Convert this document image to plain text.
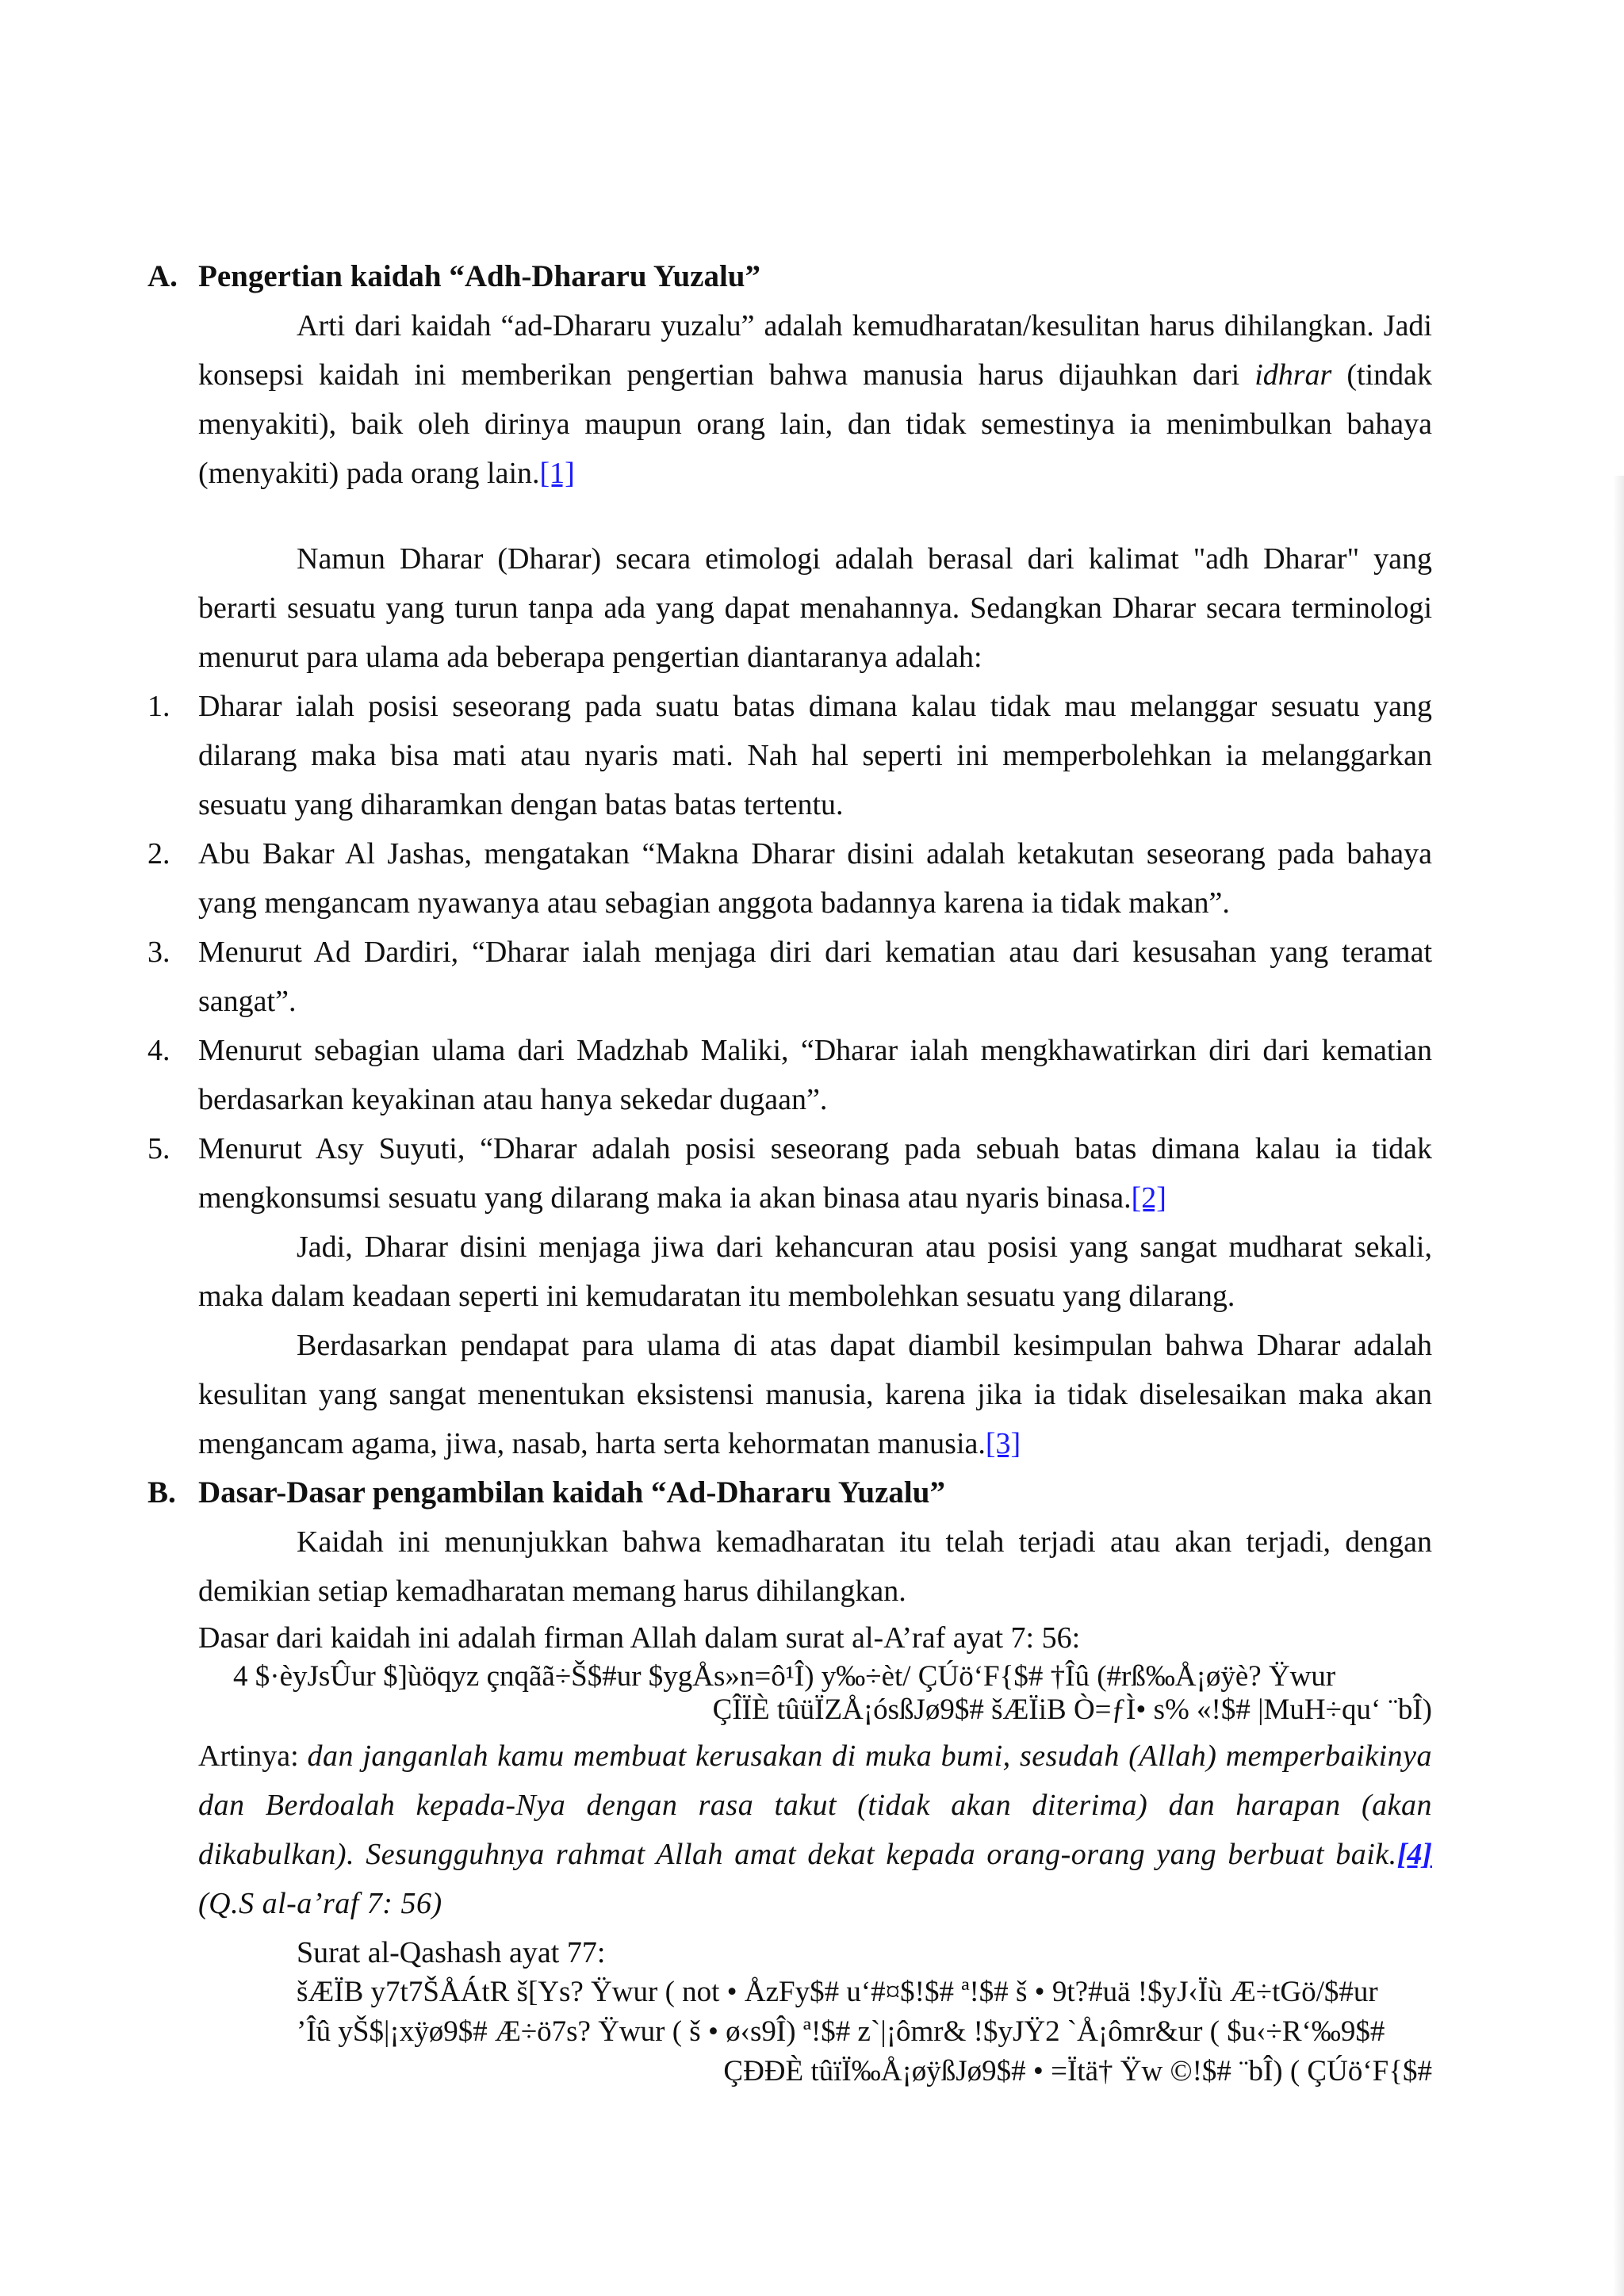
A. Pengertian kaidah “Adh-Dhararu Yuzalu”

Arti dari kaidah “ad-Dhararu yuzalu” adalah kemudharatan/kesulitan harus dihilangkan. Jadi konsepsi kaidah ini memberikan pengertian bahwa manusia harus dijauhkan dari idhrar (tindak menyakiti), baik oleh dirinya maupun orang lain, dan tidak semestinya ia menimbulkan bahaya (menyakiti) pada orang lain.[1]

Namun Dharar (Dharar) secara etimologi adalah berasal dari kalimat "adh Dharar" yang berarti sesuatu yang turun tanpa ada yang dapat menahannya. Sedangkan Dharar secara terminologi menurut para ulama ada beberapa pengertian diantaranya adalah:

1. Dharar ialah posisi seseorang pada suatu batas dimana kalau tidak mau melanggar sesuatu yang dilarang maka bisa mati atau nyaris mati. Nah hal seperti ini memperbolehkan ia melanggarkan sesuatu yang diharamkan dengan batas batas tertentu.
2. Abu Bakar Al Jashas, mengatakan “Makna Dharar disini adalah ketakutan seseorang pada bahaya yang mengancam nyawanya atau sebagian anggota badannya karena ia tidak makan”.
3. Menurut Ad Dardiri, “Dharar ialah menjaga diri dari kematian atau dari kesusahan yang teramat sangat”.
4. Menurut sebagian ulama dari Madzhab Maliki, “Dharar ialah mengkhawatirkan diri dari kematian berdasarkan keyakinan atau hanya sekedar dugaan”.
5. Menurut Asy Suyuti, “Dharar adalah posisi seseorang pada sebuah batas dimana kalau ia tidak mengkonsumsi sesuatu yang dilarang maka ia akan binasa atau nyaris binasa.[2]

Jadi, Dharar disini menjaga jiwa dari kehancuran atau posisi yang sangat mudharat sekali, maka dalam keadaan seperti ini kemudaratan itu membolehkan sesuatu yang dilarang.

Berdasarkan pendapat para ulama di atas dapat diambil kesimpulan bahwa Dharar adalah kesulitan yang sangat menentukan eksistensi manusia, karena jika ia tidak diselesaikan maka akan mengancam agama, jiwa, nasab, harta serta kehormatan manusia.[3]

B. Dasar-Dasar pengambilan kaidah “Ad-Dhararu Yuzalu”

Kaidah ini menunjukkan bahwa kemadharatan itu telah terjadi atau akan terjadi, dengan demikian setiap kemadharatan memang harus dihilangkan.

Dasar dari kaidah ini adalah firman Allah dalam surat al-A’raf ayat 7: 56:

4 $·èyJsÛur $]ùöqyz çnqãã÷Š$#ur $ygÅs»n=ô¹Î) y‰÷èt/ ÇÚö‘F{$# †Îû (#rß‰Å¡øÿè? Ÿwur
ÇÎÏÈ tûüÏZÅ¡ósßJø9$# šÆÏiB Ò=ƒÌ• s% «!$# |MuH÷qu‘ ¨bÎ)

Artinya: dan janganlah kamu membuat kerusakan di muka bumi, sesudah (Allah) memperbaikinya dan Berdoalah kepada-Nya dengan rasa takut (tidak akan diterima) dan harapan (akan dikabulkan). Sesungguhnya rahmat Allah amat dekat kepada orang-orang yang berbuat baik.[4] (Q.S al-a’raf 7: 56)

Surat al-Qashash ayat 77:
šÆÏB y7t7ŠÅÁtR š[Ys? Ÿwur ( not • ÅzFy$# u‘#¤$!$# ª!$# š • 9t?#uä !$yJ‹Ïù Æ÷tGö/$#ur
’Îû yŠ$|¡xÿø9$# Æ÷ö7s? Ÿwur ( š • ø‹s9Î) ª!$# z`|¡ômr& !$yJŸ2 `Å¡ômr&ur ( $u‹÷R‘‰9$#
ÇÐÐÈ tûïÏ‰Å¡øÿßJø9$# • =Ïtä† Ÿw ©!$# ¨bÎ) ( ÇÚö‘F{$#
